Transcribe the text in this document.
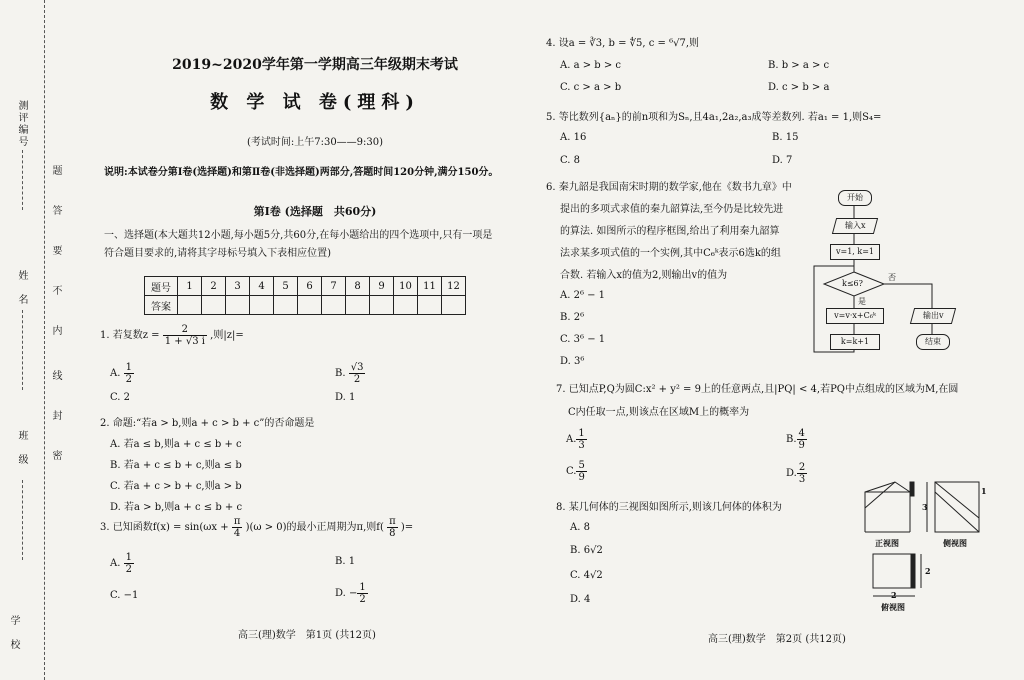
测评编号
姓　名
班　级
学　校
题
答
要
不
内
线
封
密
2019~2020学年第一学期高三年级期末考试
数 学 试 卷(理科)
(考试时间:上午7:30——9:30)
说明:本试卷分第Ⅰ卷(选择题)和第Ⅱ卷(非选择题)两部分,答题时间120分钟,满分150分。
第Ⅰ卷 (选择题　共60分)
一、选择题(本大题共12小题,每小题5分,共60分,在每小题给出的四个选项中,只有一项是
符合题目要求的,请将其字母标号填入下表相应位置)
题号	1	2	3	4	5	6	7	8	9	10	11	12
答案												
1. 若复数$z = \frac{2}{1 + √3 i}$ ,则|z|=
A. $\frac{1}{2}$	B. $\frac{√3}{2}$
C. 2	D. 1
2. 命题:“若a > b,则a + c > b + c”的否命题是
A. 若a ≤ b,则a + c ≤ b + c
B. 若a + c ≤ b + c,则a ≤ b
C. 若a + c > b + c,则a > b
D. 若a > b,则a + c ≤ b + c
3. 已知函数$f(x) = \sin(\omega x + \frac{\pi}{4} )(\omega > 0)$的最小正周期为π,则$f( \frac{\pi}{8}$ )=
A. $\frac{1}{2}$	B. 1
C. −1	D. − $\frac{1}{2}$
高三(理)数学　第1页 (共12页)
4. 设a = ∛3, b = ∜5, c = ⁶√7,则
A. a > b > c	B. b > a > c
C. c > a > b	D. c > b > a
5. 等比数列{aₙ}的前n项和为Sₙ,且4a₁,2a₂,a₃成等差数列. 若a₁ = 1,则S₄=
A. 16	B. 15
C. 8	D. 7
6. 秦九韶是我国南宋时期的数学家,他在《数书九章》中
提出的多项式求值的秦九韶算法,至今仍是比较先进
的算法. 如图所示的程序框图,给出了利用秦九韶算
法求某多项式值的一个实例,其中C₆ᵏ表示6选k的组
合数. 若输入x的值为2,则输出v的值为
A. 2⁶ − 1
B. 2⁶
C. 3⁶ − 1
D. 3⁶
开始
输入x
v=1, k=1
k≤6?
否
是
v=v·x+C₆ᵏ
k=k+1
输出v
结束
7. 已知点P,Q为圆C:x² + y² = 9上的任意两点,且|PQ| < 4,若PQ中点组成的区域为M,在圆
C内任取一点,则该点在区域M上的概率为
A. $\frac{1}{3}$	B. $\frac{4}{9}$
C. $\frac{5}{9}$	D. $\frac{2}{3}$
8. 某几何体的三视图如图所示,则该几何体的体积为
A. 8
B. 6√2
C. 4√2
D. 4
3
1
正视图	侧视图
2
2
俯视图
高三(理)数学　第2页 (共12页)
